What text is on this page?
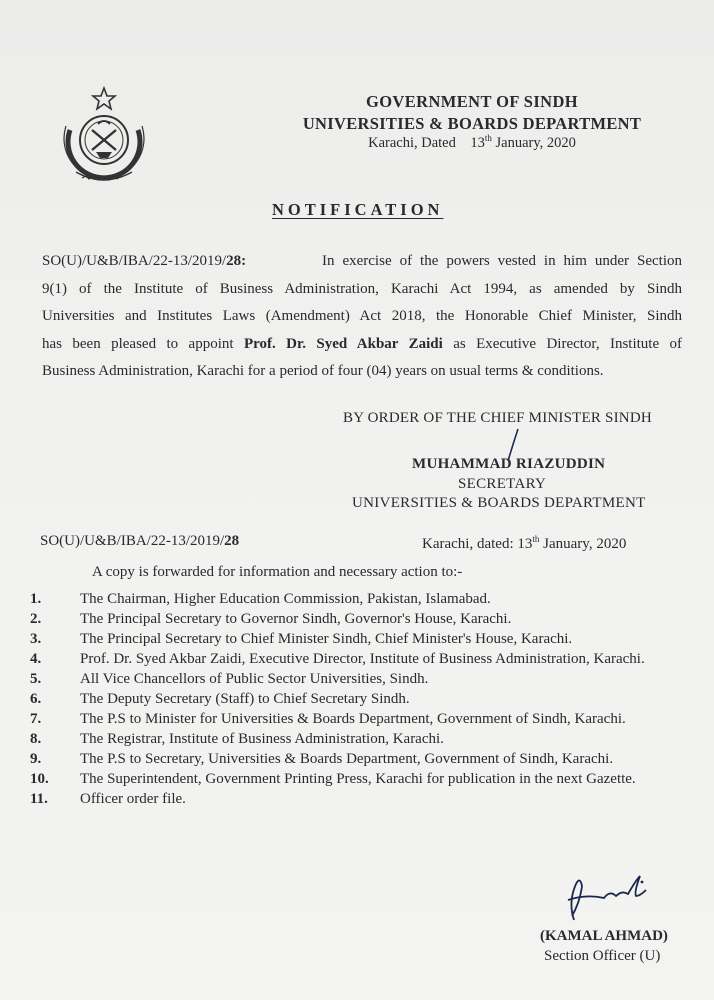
GOVERNMENT OF SINDH
UNIVERSITIES & BOARDS DEPARTMENT
Karachi, Dated 13th January, 2020
NOTIFICATION
SO(U)/U&B/IBA/22-13/2019/28:	In exercise of the powers vested in him under Section
9(1) of the Institute of Business Administration, Karachi Act 1994, as amended by Sindh
Universities and Institutes Laws (Amendment) Act 2018, the Honorable Chief Minister, Sindh
has been pleased to appoint Prof. Dr. Syed Akbar Zaidi as Executive Director, Institute of
Business Administration, Karachi for a period of four (04) years on usual terms & conditions.
BY ORDER OF THE CHIEF MINISTER SINDH
MUHAMMAD RIAZUDDIN
SECRETARY
UNIVERSITIES & BOARDS DEPARTMENT
SO(U)/U&B/IBA/22-13/2019/28	Karachi, dated: 13th January, 2020
A copy is forwarded for information and necessary action to:-
1.	The Chairman, Higher Education Commission, Pakistan, Islamabad.
2.	The Principal Secretary to Governor Sindh, Governor's House, Karachi.
3.	The Principal Secretary to Chief Minister Sindh, Chief Minister's House, Karachi.
4.	Prof. Dr. Syed Akbar Zaidi, Executive Director, Institute of Business Administration, Karachi.
5.	All Vice Chancellors of Public Sector Universities, Sindh.
6.	The Deputy Secretary (Staff) to Chief Secretary Sindh.
7.	The P.S to Minister for Universities & Boards Department, Government of Sindh, Karachi.
8.	The Registrar, Institute of Business Administration, Karachi.
9.	The P.S to Secretary, Universities & Boards Department, Government of Sindh, Karachi.
10.	The Superintendent, Government Printing Press, Karachi for publication in the next Gazette.
11.	Officer order file.
(KAMAL AHMAD)
Section Officer (U)
